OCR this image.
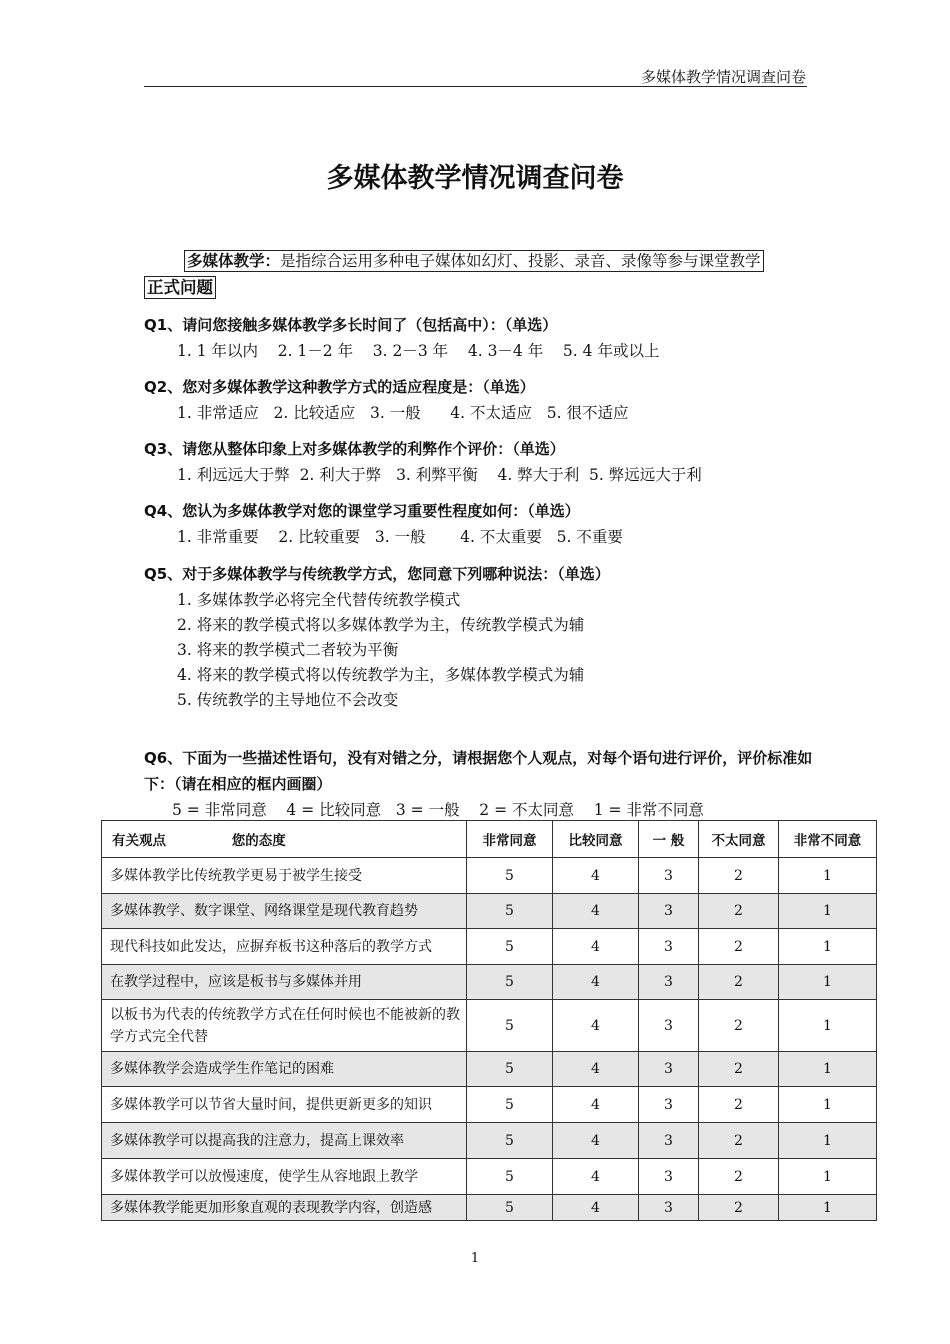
多媒体教学情况调查问卷
多媒体教学情况调查问卷
多媒体教学：是指综合运用多种电子媒体如幻灯、投影、录音、录像等参与课堂教学
正式问题
Q1、请问您接触多媒体教学多长时间了（包括高中）：（单选）
1. 1 年以内    2. 1－2 年    3. 2－3 年    4. 3－4 年    5. 4 年或以上
Q2、您对多媒体教学这种教学方式的适应程度是：（单选）
1. 非常适应   2. 比较适应   3. 一般      4. 不太适应   5. 很不适应
Q3、请您从整体印象上对多媒体教学的利弊作个评价：（单选）
1. 利远远大于弊  2. 利大于弊   3. 利弊平衡    4. 弊大于利  5. 弊远远大于利
Q4、您认为多媒体教学对您的课堂学习重要性程度如何：（单选）
1. 非常重要    2. 比较重要   3. 一般       4. 不太重要   5. 不重要
Q5、对于多媒体教学与传统教学方式，您同意下列哪种说法：（单选）
1. 多媒体教学必将完全代替传统教学模式
2. 将来的教学模式将以多媒体教学为主，传统教学模式为辅
3. 将来的教学模式二者较为平衡
4. 将来的教学模式将以传统教学为主，多媒体教学模式为辅
5. 传统教学的主导地位不会改变
Q6、下面为一些描述性语句，没有对错之分，请根据您个人观点，对每个语句进行评价，评价标准如下：（请在相应的框内画圈）
5 = 非常同意    4 = 比较同意   3 = 一般    2 = 不太同意    1 = 非常不同意
有关观点              您的态度	非常同意	比较同意	一 般	不太同意	非常不同意
多媒体教学比传统教学更易于被学生接受	5	4	3	2	1
多媒体教学、数字课堂、网络课堂是现代教育趋势	5	4	3	2	1
现代科技如此发达，应摒弃板书这种落后的教学方式	5	4	3	2	1
在教学过程中，应该是板书与多媒体并用	5	4	3	2	1
以板书为代表的传统教学方式在任何时候也不能被新的教学方式完全代替	5	4	3	2	1
多媒体教学会造成学生作笔记的困难	5	4	3	2	1
多媒体教学可以节省大量时间，提供更新更多的知识	5	4	3	2	1
多媒体教学可以提高我的注意力，提高上课效率	5	4	3	2	1
多媒体教学可以放慢速度，使学生从容地跟上教学	5	4	3	2	1
多媒体教学能更加形象直观的表现教学内容，创造感	5	4	3	2	1
1
